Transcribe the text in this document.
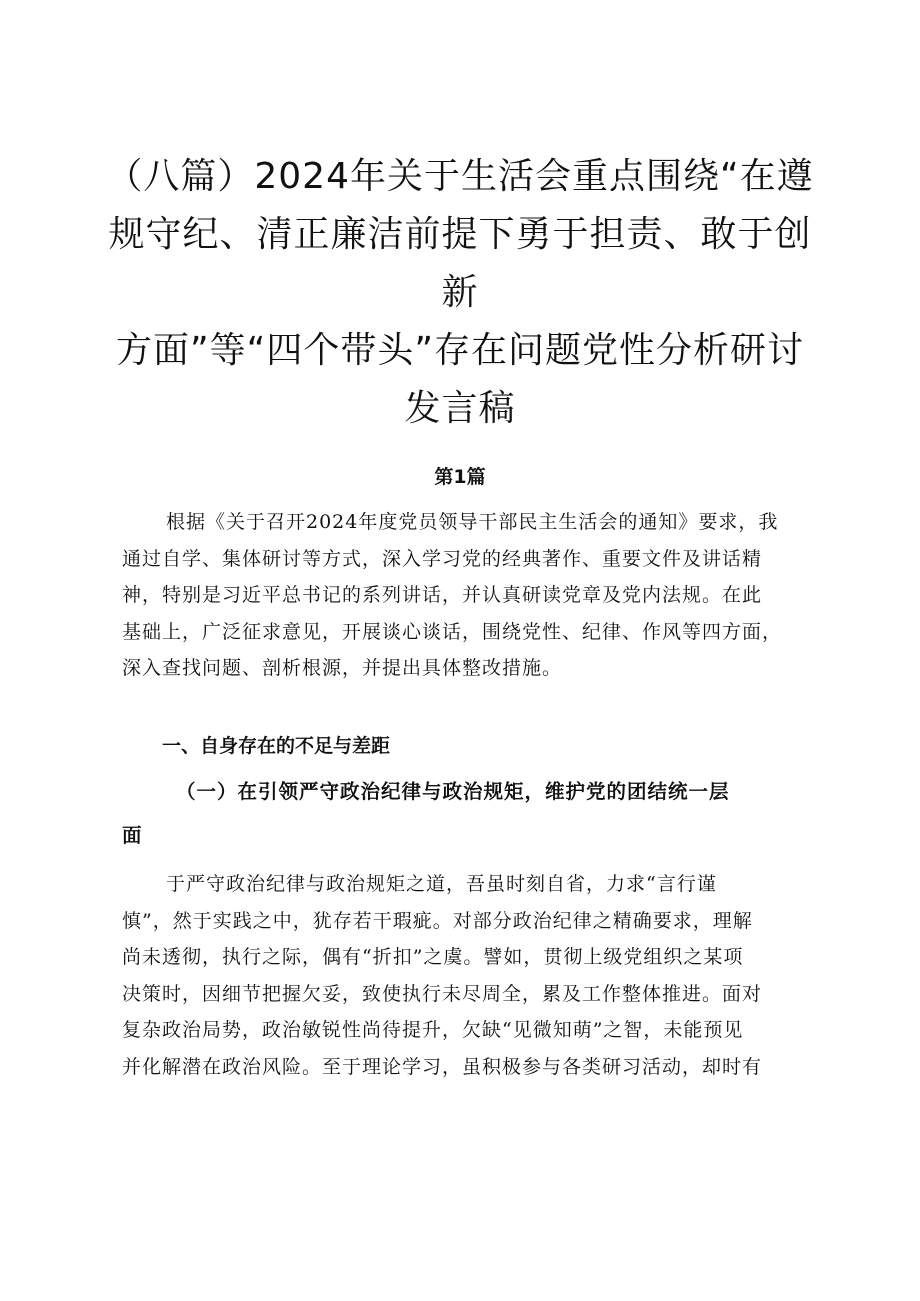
（八篇）2024年关于生活会重点围绕“在遵
规守纪、清正廉洁前提下勇于担责、敢于创新
方面”等“四个带头”存在问题党性分析研讨
发言稿
第1篇

根据《关于召开2024年度党员领导干部民主生活会的通知》要求，我
通过自学、集体研讨等方式，深入学习党的经典著作、重要文件及讲话精
神，特别是习近平总书记的系列讲话，并认真研读党章及党内法规。在此
基础上，广泛征求意见，开展谈心谈话，围绕党性、纪律、作风等四方面，
深入查找问题、剖析根源，并提出具体整改措施。

一、自身存在的不足与差距
（一）在引领严守政治纪律与政治规矩，维护党的团结统一层
面

于严守政治纪律与政治规矩之道，吾虽时刻自省，力求“言行谨
慎”，然于实践之中，犹存若干瑕疵。对部分政治纪律之精确要求，理解
尚未透彻，执行之际，偶有“折扣”之虞。譬如，贯彻上级党组织之某项
决策时，因细节把握欠妥，致使执行未尽周全，累及工作整体推进。面对
复杂政治局势，政治敏锐性尚待提升，欠缺“见微知萌”之智，未能预见
并化解潜在政治风险。至于理论学习，虽积极参与各类研习活动，却时有
